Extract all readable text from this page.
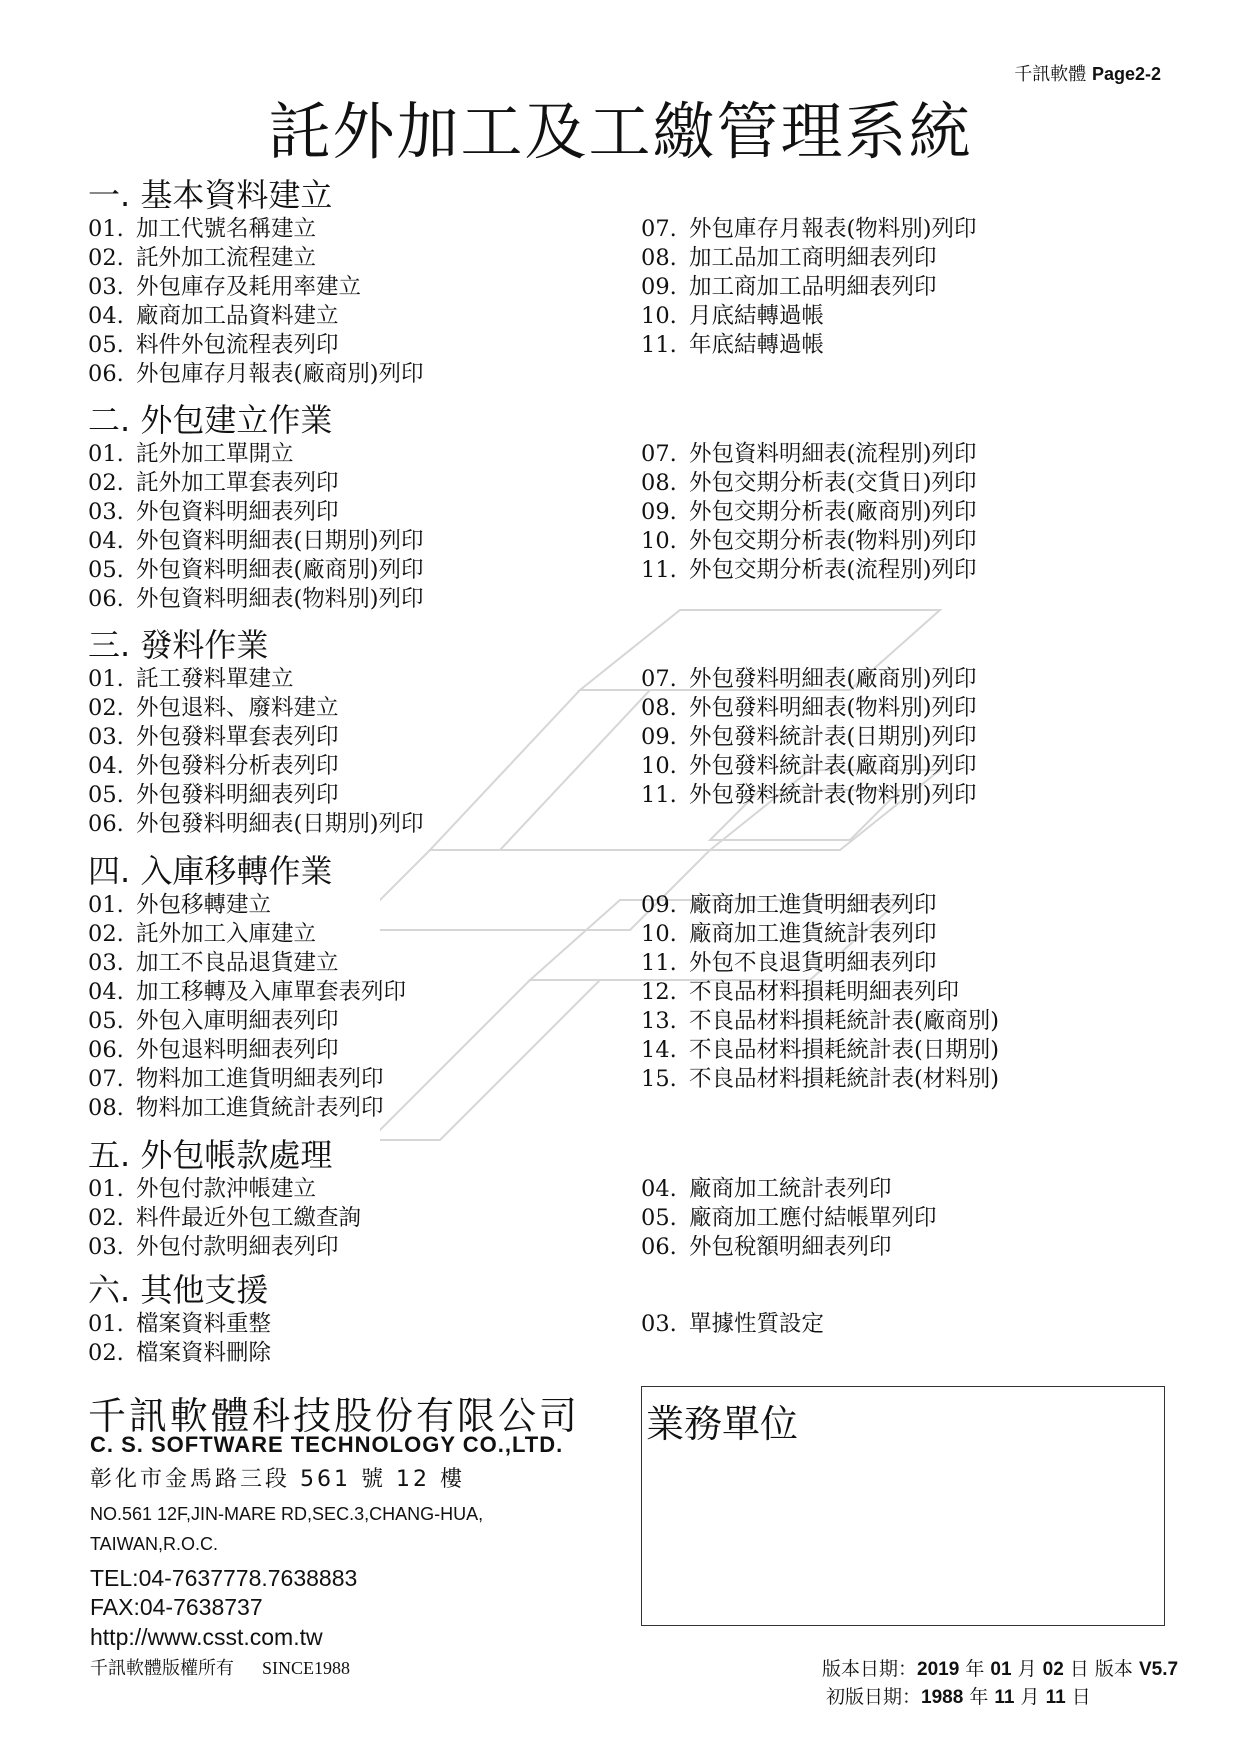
千訊軟體 Page2-2
託外加工及工繳管理系統
一. 基本資料建立
01. 加工代號名稱建立
02. 託外加工流程建立
03. 外包庫存及耗用率建立
04. 廠商加工品資料建立
05. 料件外包流程表列印
06. 外包庫存月報表(廠商別)列印
07. 外包庫存月報表(物料別)列印
08. 加工品加工商明細表列印
09. 加工商加工品明細表列印
10. 月底結轉過帳
11. 年底結轉過帳
二. 外包建立作業
01. 託外加工單開立
02. 託外加工單套表列印
03. 外包資料明細表列印
04. 外包資料明細表(日期別)列印
05. 外包資料明細表(廠商別)列印
06. 外包資料明細表(物料別)列印
07. 外包資料明細表(流程別)列印
08. 外包交期分析表(交貨日)列印
09. 外包交期分析表(廠商別)列印
10. 外包交期分析表(物料別)列印
11. 外包交期分析表(流程別)列印
三. 發料作業
01. 託工發料單建立
02. 外包退料、廢料建立
03. 外包發料單套表列印
04. 外包發料分析表列印
05. 外包發料明細表列印
06. 外包發料明細表(日期別)列印
07. 外包發料明細表(廠商別)列印
08. 外包發料明細表(物料別)列印
09. 外包發料統計表(日期別)列印
10. 外包發料統計表(廠商別)列印
11. 外包發料統計表(物料別)列印
四. 入庫移轉作業
01. 外包移轉建立
02. 託外加工入庫建立
03. 加工不良品退貨建立
04. 加工移轉及入庫單套表列印
05. 外包入庫明細表列印
06. 外包退料明細表列印
07. 物料加工進貨明細表列印
08. 物料加工進貨統計表列印
09. 廠商加工進貨明細表列印
10. 廠商加工進貨統計表列印
11. 外包不良退貨明細表列印
12. 不良品材料損耗明細表列印
13. 不良品材料損耗統計表(廠商別)
14. 不良品材料損耗統計表(日期別)
15. 不良品材料損耗統計表(材料別)
五. 外包帳款處理
01. 外包付款沖帳建立
02. 料件最近外包工繳查詢
03. 外包付款明細表列印
04. 廠商加工統計表列印
05. 廠商加工應付結帳單列印
06. 外包稅額明細表列印
六. 其他支援
01. 檔案資料重整
02. 檔案資料刪除
03. 單據性質設定
千訊軟體科技股份有限公司
C. S. SOFTWARE TECHNOLOGY CO.,LTD.
彰化市金馬路三段 561 號 12 樓
NO.561 12F,JIN-MARE RD,SEC.3,CHANG-HUA, TAIWAN,R.O.C.
TEL:04-7637778.7638883
FAX:04-7638737
http://www.csst.com.tw
千訊軟體版權所有 SINCE1988
業務單位
版本日期：2019 年 01 月 02 日 版本 V5.7
初版日期：1988 年 11 月 11 日
